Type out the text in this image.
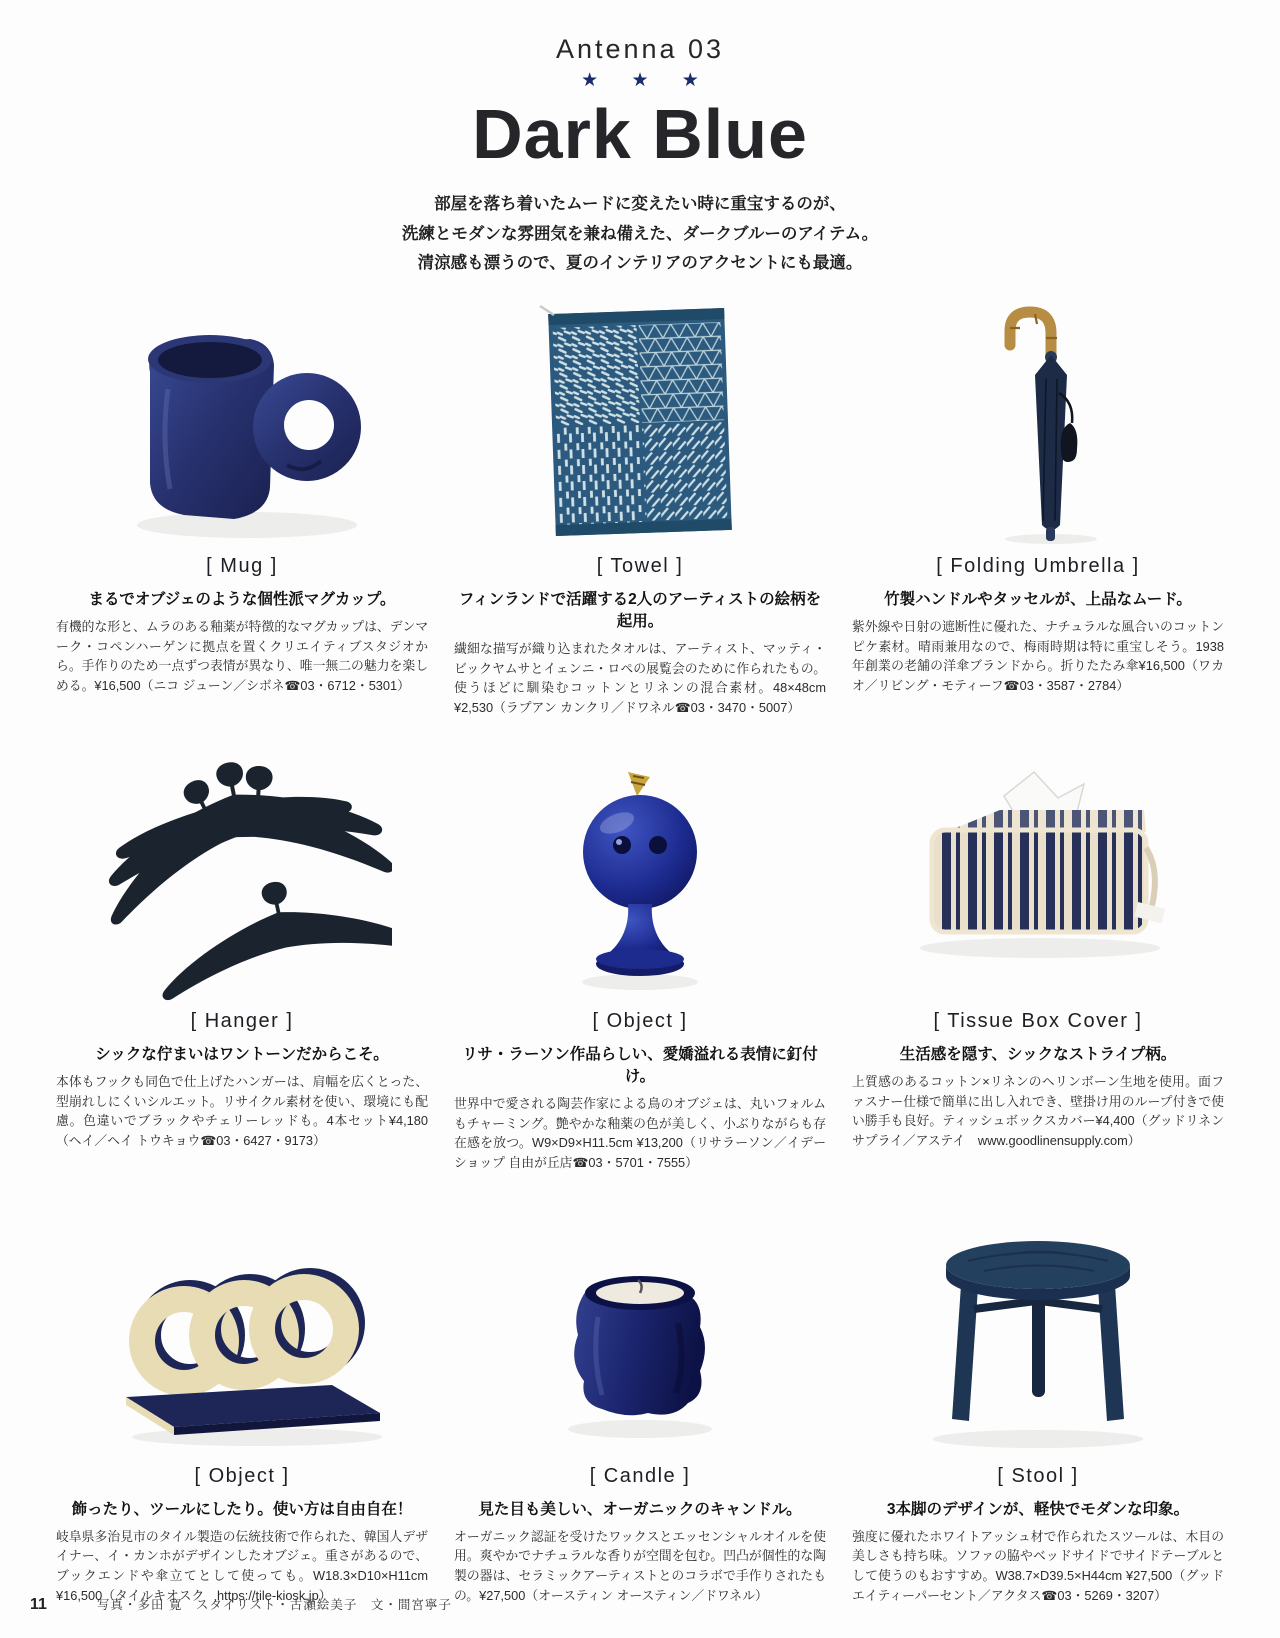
Antenna 03
★ ★ ★
Dark Blue
部屋を落ち着いたムードに変えたい時に重宝するのが、
洗練とモダンな雰囲気を兼ね備えた、ダークブルーのアイテム。
清涼感も漂うので、夏のインテリアのアクセントにも最適。
[ Mug ]
まるでオブジェのような個性派マグカップ。
有機的な形と、ムラのある釉薬が特徴的なマグカップは、デンマーク・コペンハーゲンに拠点を置くクリエイティブスタジオから。手作りのため一点ずつ表情が異なり、唯一無二の魅力を楽しめる。¥16,500（ニコ ジューン／シボネ☎03・6712・5301）
[ Towel ]
フィンランドで活躍する2人のアーティストの絵柄を起用。
繊細な描写が織り込まれたタオルは、アーティスト、マッティ・ビックヤムサとイェンニ・ロペの展覧会のために作られたもの。使うほどに馴染むコットンとリネンの混合素材。48×48cm ¥2,530（ラプアン カンクリ／ドワネル☎03・3470・5007）
[ Folding Umbrella ]
竹製ハンドルやタッセルが、上品なムード。
紫外線や日射の遮断性に優れた、ナチュラルな風合いのコットンピケ素材。晴雨兼用なので、梅雨時期は特に重宝しそう。1938年創業の老舗の洋傘ブランドから。折りたたみ傘¥16,500（ワカオ／リビング・モティーフ☎03・3587・2784）
[ Hanger ]
シックな佇まいはワントーンだからこそ。
本体もフックも同色で仕上げたハンガーは、肩幅を広くとった、型崩れしにくいシルエット。リサイクル素材を使い、環境にも配慮。色違いでブラックやチェリーレッドも。4本セット¥4,180（ヘイ／ヘイ トウキョウ☎03・6427・9173）
[ Object ]
リサ・ラーソン作品らしい、愛嬌溢れる表情に釘付け。
世界中で愛される陶芸作家による鳥のオブジェは、丸いフォルムもチャーミング。艶やかな釉薬の色が美しく、小ぶりながらも存在感を放つ。W9×D9×H11.5cm ¥13,200（リサラーソン／イデーショップ 自由が丘店☎03・5701・7555）
[ Tissue Box Cover ]
生活感を隠す、シックなストライプ柄。
上質感のあるコットン×リネンのヘリンボーン生地を使用。面ファスナー仕様で簡単に出し入れでき、壁掛け用のループ付きで使い勝手も良好。ティッシュボックスカバー¥4,400（グッドリネンサプライ／アステイ　www.goodlinensupply.com）
[ Object ]
飾ったり、ツールにしたり。使い方は自由自在！
岐阜県多治見市のタイル製造の伝統技術で作られた、韓国人デザイナー、イ・カンホがデザインしたオブジェ。重さがあるので、ブックエンドや傘立てとして使っても。W18.3×D10×H11cm ¥16,500（タイルキオスク　https://tile-kiosk.jp）
[ Candle ]
見た目も美しい、オーガニックのキャンドル。
オーガニック認証を受けたワックスとエッセンシャルオイルを使用。爽やかでナチュラルな香りが空間を包む。凹凸が個性的な陶製の器は、セラミックアーティストとのコラボで手作りされたもの。¥27,500（オースティン オースティン／ドワネル）
[ Stool ]
3本脚のデザインが、軽快でモダンな印象。
強度に優れたホワイトアッシュ材で作られたスツールは、木目の美しさも持ち味。ソファの脇やベッドサイドでサイドテーブルとして使うのもおすすめ。W38.7×D39.5×H44cm ¥27,500（グッドエイティーパーセント／アクタス☎03・5269・3207）
11	写真・多田 寛　スタイリスト・古瀬絵美子　文・間宮寧子
